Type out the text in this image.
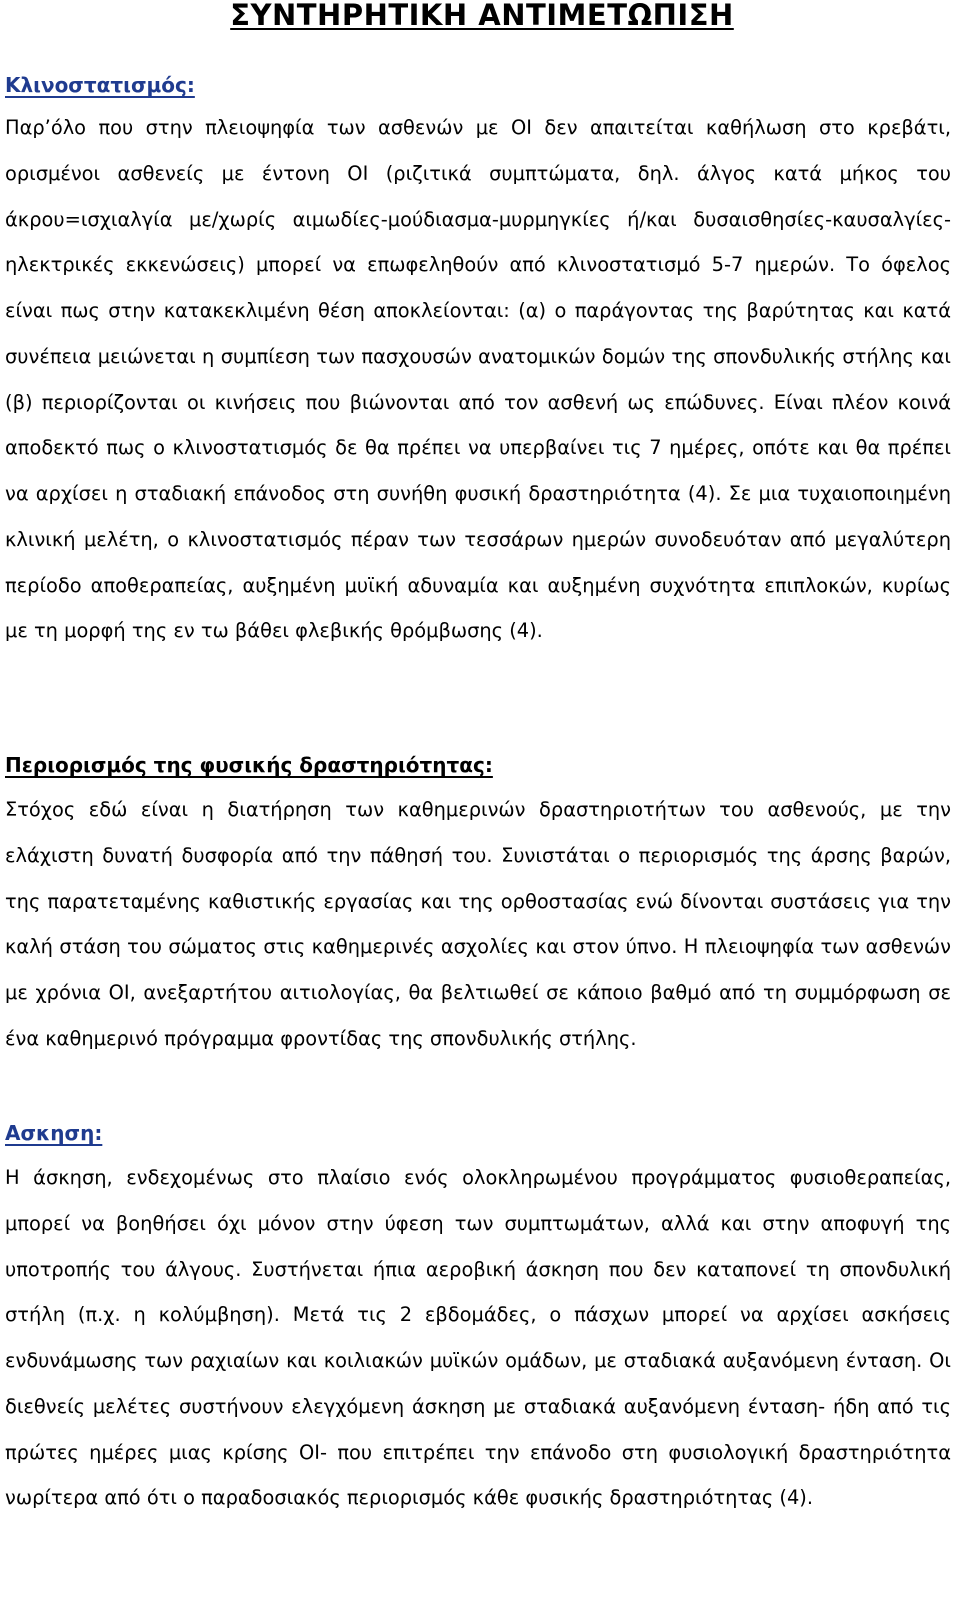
ΣΥΝΤΗΡΗΤΙΚΗ ΑΝΤΙΜΕΤΩΠΙΣΗ
Κλινοστατισμός:

Παρ’όλο που στην πλειοψηφία των ασθενών με ΟΙ δεν απαιτείται καθήλωση στο κρεβάτι, ορισμένοι ασθενείς με έντονη ΟΙ (ριζιτικά συμπτώματα, δηλ. άλγος κατά μήκος του άκρου=ισχιαλγία με/χωρίς αιμωδίες-μούδιασμα-μυρμηγκίες ή/και δυσαισθησίες-καυσαλγίες-ηλεκτρικές εκκενώσεις) μπορεί να επωφεληθούν από κλινοστατισμό 5-7 ημερών. Το όφελος είναι πως στην κατακεκλιμένη θέση αποκλείονται: (α) ο παράγοντας της βαρύτητας και κατά συνέπεια μειώνεται η συμπίεση των πασχουσών ανατομικών δομών της σπονδυλικής στήλης και (β) περιορίζονται οι κινήσεις που βιώνονται από τον ασθενή ως επώδυνες. Είναι πλέον κοινά αποδεκτό πως ο κλινοστατισμός δε θα πρέπει να υπερβαίνει τις 7 ημέρες, οπότε και θα πρέπει να αρχίσει η σταδιακή επάνοδος στη συνήθη φυσική δραστηριότητα (4). Σε μια τυχαιοποιημένη κλινική μελέτη, ο κλινοστατισμός πέραν των τεσσάρων ημερών συνοδευόταν από μεγαλύτερη περίοδο αποθεραπείας, αυξημένη μυϊκή αδυναμία και αυξημένη συχνότητα επιπλοκών, κυρίως με τη μορφή της εν τω βάθει φλεβικής θρόμβωσης (4).

Περιορισμός της φυσικής δραστηριότητας:

Στόχος εδώ είναι η διατήρηση των καθημερινών δραστηριοτήτων του ασθενούς, με την ελάχιστη δυνατή δυσφορία από την πάθησή του. Συνιστάται ο περιορισμός της άρσης βαρών, της παρατεταμένης καθιστικής εργασίας και της ορθοστασίας ενώ δίνονται συστάσεις για την καλή στάση του σώματος στις καθημερινές ασχολίες και στον ύπνο. Η πλειοψηφία των ασθενών με χρόνια ΟΙ, ανεξαρτήτου αιτιολογίας, θα βελτιωθεί σε κάποιο βαθμό από τη συμμόρφωση σε ένα καθημερινό πρόγραμμα φροντίδας της σπονδυλικής στήλης.

Ασκηση:

Η άσκηση, ενδεχομένως στο πλαίσιο ενός ολοκληρωμένου προγράμματος φυσιοθεραπείας, μπορεί να βοηθήσει όχι μόνον στην ύφεση των συμπτωμάτων, αλλά και στην αποφυγή της υποτροπής του άλγους. Συστήνεται ήπια αεροβική άσκηση που δεν καταπονεί τη σπονδυλική στήλη (π.χ. η κολύμβηση). Μετά τις 2 εβδομάδες, ο πάσχων μπορεί να αρχίσει ασκήσεις ενδυνάμωσης των ραχιαίων και κοιλιακών μυϊκών ομάδων, με σταδιακά αυξανόμενη ένταση. Οι διεθνείς μελέτες συστήνουν ελεγχόμενη άσκηση με σταδιακά αυξανόμενη ένταση- ήδη από τις πρώτες ημέρες μιας κρίσης ΟΙ- που επιτρέπει την επάνοδο στη φυσιολογική δραστηριότητα νωρίτερα από ότι ο παραδοσιακός περιορισμός κάθε φυσικής δραστηριότητας (4).
